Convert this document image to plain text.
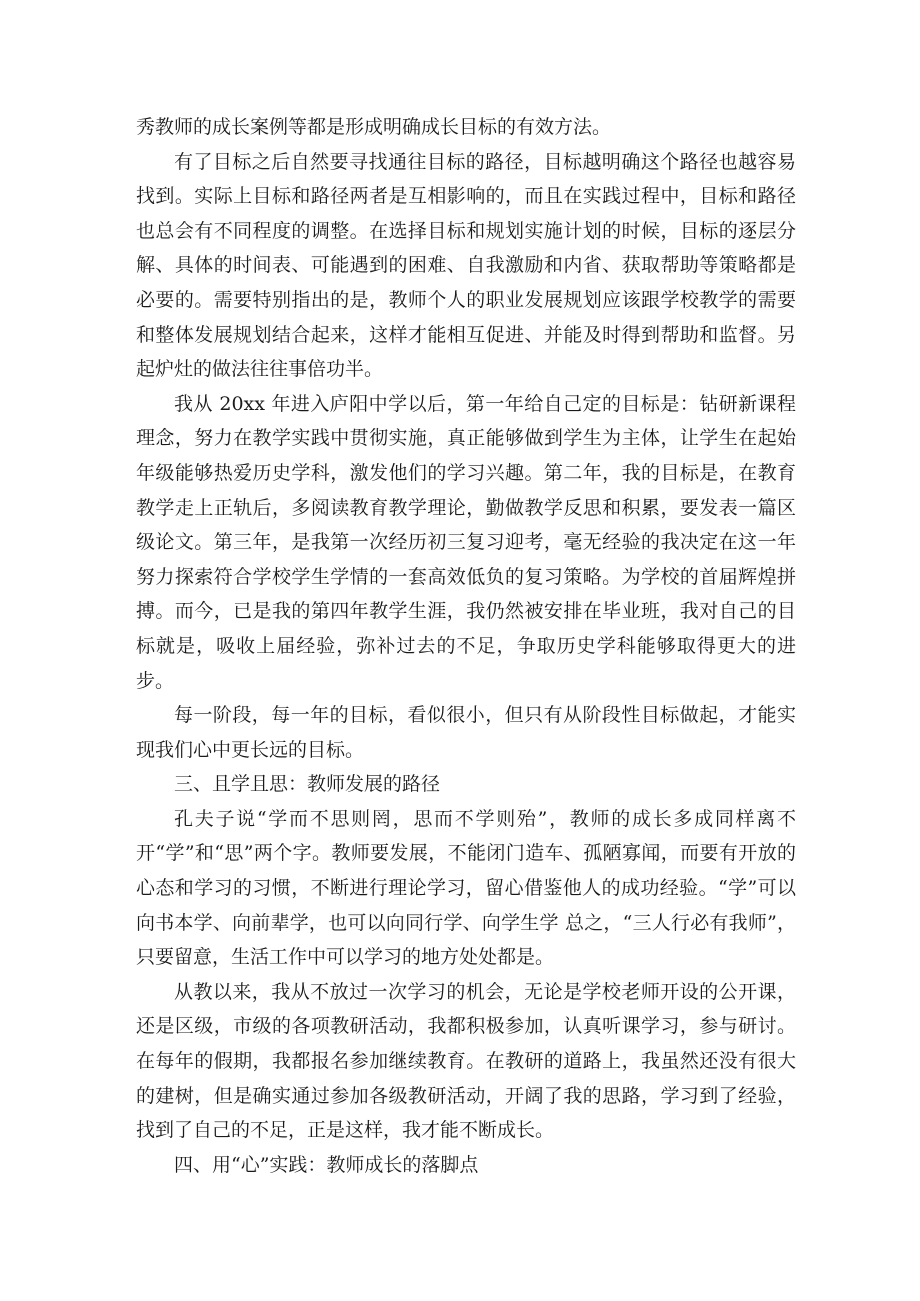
秀教师的成长案例等都是形成明确成长目标的有效方法。

有了目标之后自然要寻找通往目标的路径，目标越明确这个路径也越容易找到。实际上目标和路径两者是互相影响的，而且在实践过程中，目标和路径也总会有不同程度的调整。在选择目标和规划实施计划的时候，目标的逐层分解、具体的时间表、可能遇到的困难、自我激励和内省、获取帮助等策略都是必要的。需要特别指出的是，教师个人的职业发展规划应该跟学校教学的需要和整体发展规划结合起来，这样才能相互促进、并能及时得到帮助和监督。另起炉灶的做法往往事倍功半。

我从 20xx 年进入庐阳中学以后，第一年给自己定的目标是：钻研新课程理念，努力在教学实践中贯彻实施，真正能够做到学生为主体，让学生在起始年级能够热爱历史学科，激发他们的学习兴趣。第二年，我的目标是，在教育教学走上正轨后，多阅读教育教学理论，勤做教学反思和积累，要发表一篇区级论文。第三年，是我第一次经历初三复习迎考，毫无经验的我决定在这一年努力探索符合学校学生学情的一套高效低负的复习策略。为学校的首届辉煌拼搏。而今，已是我的第四年教学生涯，我仍然被安排在毕业班，我对自己的目标就是，吸收上届经验，弥补过去的不足，争取历史学科能够取得更大的进步。

每一阶段，每一年的目标，看似很小，但只有从阶段性目标做起，才能实现我们心中更长远的目标。

三、且学且思：教师发展的路径

孔夫子说“学而不思则罔，思而不学则殆”，教师的成长多成同样离不开“学”和“思”两个字。教师要发展，不能闭门造车、孤陋寡闻，而要有开放的心态和学习的习惯，不断进行理论学习，留心借鉴他人的成功经验。“学”可以向书本学、向前辈学，也可以向同行学、向学生学 总之，“三人行必有我师”，只要留意，生活工作中可以学习的地方处处都是。

从教以来，我从不放过一次学习的机会，无论是学校老师开设的公开课，还是区级，市级的各项教研活动，我都积极参加，认真听课学习，参与研讨。在每年的假期，我都报名参加继续教育。在教研的道路上，我虽然还没有很大的建树，但是确实通过参加各级教研活动，开阔了我的思路，学习到了经验，找到了自己的不足，正是这样，我才能不断成长。

四、用“心”实践：教师成长的落脚点
